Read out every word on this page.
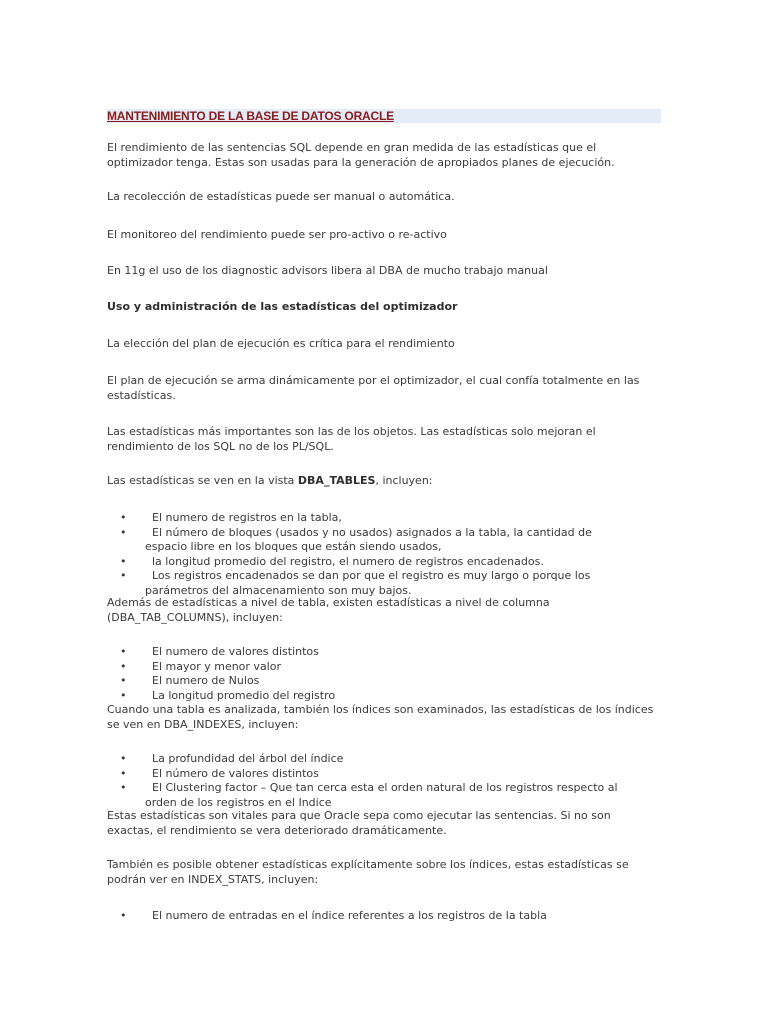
MANTENIMIENTO DE LA BASE DE DATOS ORACLE

El rendimiento de las sentencias SQL depende en gran medida de las estadísticas que el optimizador tenga. Estas son usadas para la generación de apropiados planes de ejecución.

La recolección de estadísticas puede ser manual o automática.

El monitoreo del rendimiento puede ser pro-activo o re-activo

En 11g el uso de los diagnostic advisors libera al DBA de mucho trabajo manual

Uso y administración de las estadísticas del optimizador

La elección del plan de ejecución es crítica para el rendimiento

El plan de ejecución se arma dinámicamente por el optimizador, el cual confía totalmente en las estadísticas.

Las estadísticas más importantes son las de los objetos. Las estadísticas solo mejoran el rendimiento de los SQL no de los PL/SQL.

Las estadísticas se ven en la vista DBA_TABLES, incluyen:

•	El numero de registros en la tabla,
•	El número de bloques (usados y no usados) asignados a la tabla, la cantidad de espacio libre en los bloques que están siendo usados,
•	la longitud promedio del registro, el numero de registros encadenados.
•	Los registros encadenados se dan por que el registro es muy largo o porque los parámetros del almacenamiento son muy bajos.

Además de estadísticas a nivel de tabla, existen estadísticas a nivel de columna (DBA_TAB_COLUMNS), incluyen:

•	El numero de valores distintos
•	El mayor y menor valor
•	El numero de Nulos
•	La longitud promedio del registro

Cuando una tabla es analizada, también los índices son examinados, las estadísticas de los índices se ven en DBA_INDEXES, incluyen:

•	La profundidad del árbol del índice
•	El número de valores distintos
•	El Clustering factor – Que tan cerca esta el orden natural de los registros respecto al orden de los registros en el Indice

Estas estadísticas son vitales para que Oracle sepa como ejecutar las sentencias. Si no son exactas, el rendimiento se vera deteriorado dramáticamente.

También es posible obtener estadísticas explícitamente sobre los índices, estas estadísticas se podrán ver en INDEX_STATS, incluyen:

•	El numero de entradas en el índice referentes a los registros de la tabla
